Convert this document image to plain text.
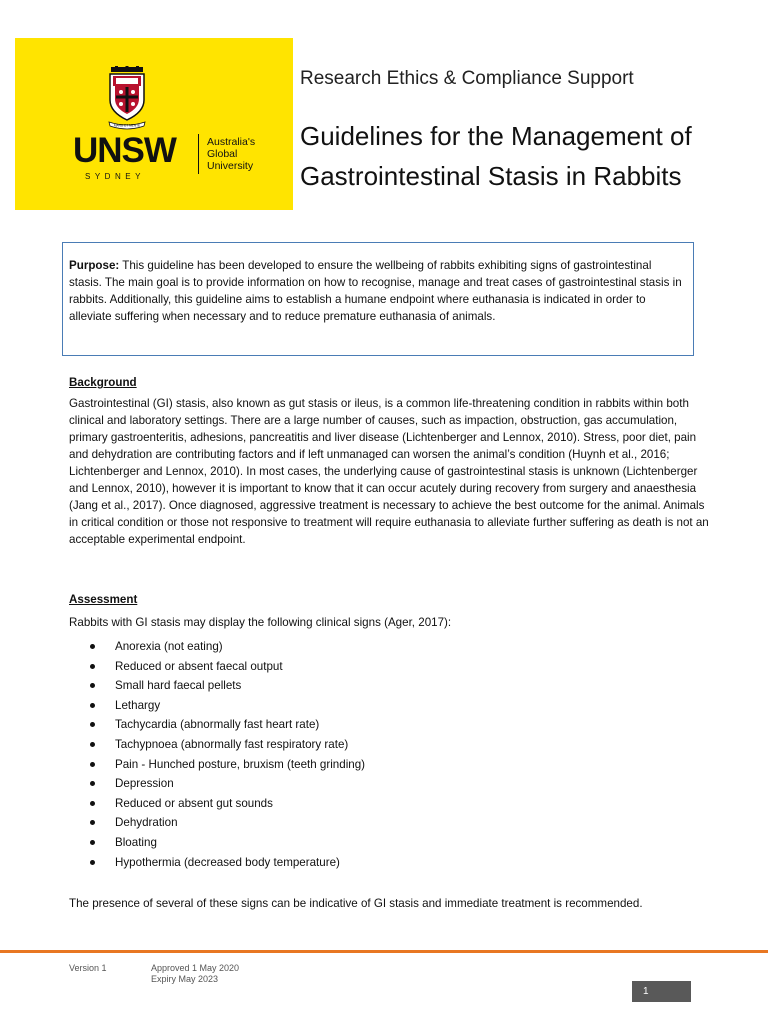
MANU ET MENTE
UNSW
SYDNEY
Australia's
Global
University
Research Ethics & Compliance Support
Guidelines for the Management of
Gastrointestinal Stasis in Rabbits
Purpose: This guideline has been developed to ensure the wellbeing of rabbits exhibiting signs of gastrointestinal stasis. The main goal is to provide information on how to recognise, manage and treat cases of gastrointestinal stasis in rabbits. Additionally, this guideline aims to establish a humane endpoint where euthanasia is indicated in order to alleviate suffering when necessary and to reduce premature euthanasia of animals.
Background
Gastrointestinal (GI) stasis, also known as gut stasis or ileus, is a common life-threatening condition in rabbits within both clinical and laboratory settings. There are a large number of causes, such as impaction, obstruction, gas accumulation, primary gastroenteritis, adhesions, pancreatitis and liver disease (Lichtenberger and Lennox, 2010). Stress, poor diet, pain and dehydration are contributing factors and if left unmanaged can worsen the animal’s condition (Huynh et al., 2016; Lichtenberger and Lennox, 2010). In most cases, the underlying cause of gastrointestinal stasis is unknown (Lichtenberger and Lennox, 2010), however it is important to know that it can occur acutely during recovery from surgery and anaesthesia (Jang et al., 2017). Once diagnosed, aggressive treatment is necessary to achieve the best outcome for the animal. Animals in critical condition or those not responsive to treatment will require euthanasia to alleviate further suffering as death is not an acceptable experimental endpoint.
Assessment
Rabbits with GI stasis may display the following clinical signs (Ager, 2017):
Anorexia (not eating)
Reduced or absent faecal output
Small hard faecal pellets
Lethargy
Tachycardia (abnormally fast heart rate)
Tachypnoea (abnormally fast respiratory rate)
Pain - Hunched posture, bruxism (teeth grinding)
Depression
Reduced or absent gut sounds
Dehydration
Bloating
Hypothermia (decreased body temperature)
The presence of several of these signs can be indicative of GI stasis and immediate treatment is recommended.
Version 1	Approved 1 May 2020
Expiry May 2023
1
